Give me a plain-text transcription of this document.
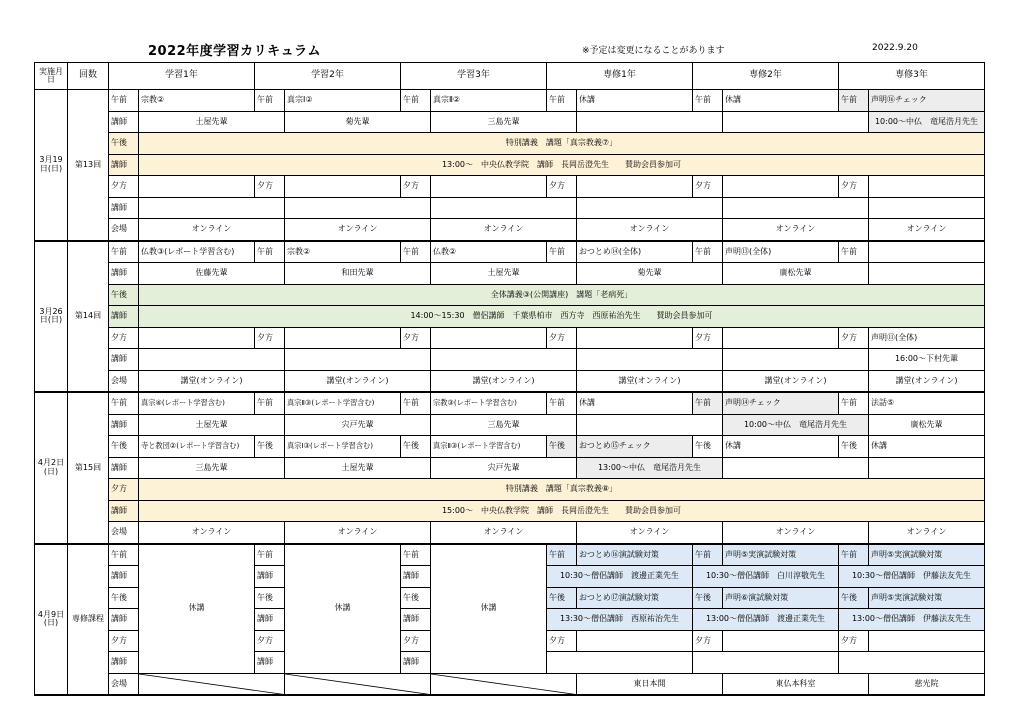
2022年度学習カリキュラム	※予定は変更になることがあります	2022.9.20
実施月日	回数	学習1年		学習2年		学習3年		専修1年		専修2年		専修3年	
3月19日(日)	第13回	午前	宗教②	午前	真宗Ⅰ②	午前	真宗Ⅱ②	午前	休講	午前	休講	午前	声明⑯チェック
		講師	土屋先輩		菊先輩		三島先輩						10:00～中仏　竜尾浩月先生
		午後	特別講義　講題「真宗教義⑦」										
		講師	13:00～　中央仏教学院　講師　長岡岳澄先生　　賛助会員参加可										
		夕方		夕方		夕方		夕方		夕方		夕方	
		講師											
		会場	オンライン		オンライン		オンライン		オンライン		オンライン		オンライン
3月26日(日)	第14回	午前	仏教③(レポート学習含む)	午前	宗教②	午前	仏教②	午前	おつとめ⑭(全体)	午前	声明⑬(全体)	午前	
		講師	佐藤先輩		和田先輩		土屋先輩		菊先輩		廣松先輩		
		午後	全体講義③(公開講座)　講題「老病死」										
		講師	14:00～15:30　僧侶講師　千葉県柏市　西方寺　西原祐治先生　　賛助会員参加可										
		夕方		夕方		夕方		夕方		夕方		夕方	声明⑪(全体)
		講師											16:00～下村先輩
		会場	講堂(オンライン)		講堂(オンライン)		講堂(オンライン)		講堂(オンライン)		講堂(オンライン)		講堂(オンライン)
4月2日(日)	第15回	午前	真宗④(レポート学習含む)	午前	真宗Ⅱ③(レポート学習含む)	午前	宗教③(レポート学習含む)	午前	休講	午前	声明⑭チェック	午前	法話⑤
		講師	土屋先輩		宍戸先輩		三島先輩				10:00～中仏　竜尾浩月先生		廣松先輩
		午後	寺と教団②(レポート学習含む)	午後	真宗Ⅰ③(レポート学習含む)	午後	真宗Ⅱ③(レポート学習含む)	午後	おつとめ⑮チェック	午後	休講	午後	休講
		講師	三島先輩		土屋先輩		宍戸先輩		13:00～中仏　竜尾浩月先生				
		夕方	特別講義　講題「真宗教義⑧」										
		講師	15:00～　中央仏教学院　講師　長岡岳澄先生　　賛助会員参加可										
		会場	オンライン		オンライン		オンライン		オンライン		オンライン		オンライン
4月9日(日)	専修課程	午前	休講	午前	休講	午前	休講	午前	おつとめ⑯演試験対策	午前	声明⑤実演試験対策	午前	声明⑤実演試験対策
		講師		講師		講師		10:30～僧侶講師　渡邊正業先生		10:30～僧侶講師　白川淳敬先生		10:30～僧侶講師　伊藤法友先生	
		午後		午後		午後		午後	おつとめ⑰演試験対策	午後	声明⑥演試験対策	午後	声明⑤実演試験対策
		講師		講師		講師		13:30～僧侶講師　西原祐治先生		13:00～僧侶講師　渡邊正業先生		13:00～僧侶講師　伊藤法友先生	
		夕方		夕方		夕方		夕方		夕方		夕方	
		講師		講師		講師							
		会場							東日本開		東仏本科室		慈光院
